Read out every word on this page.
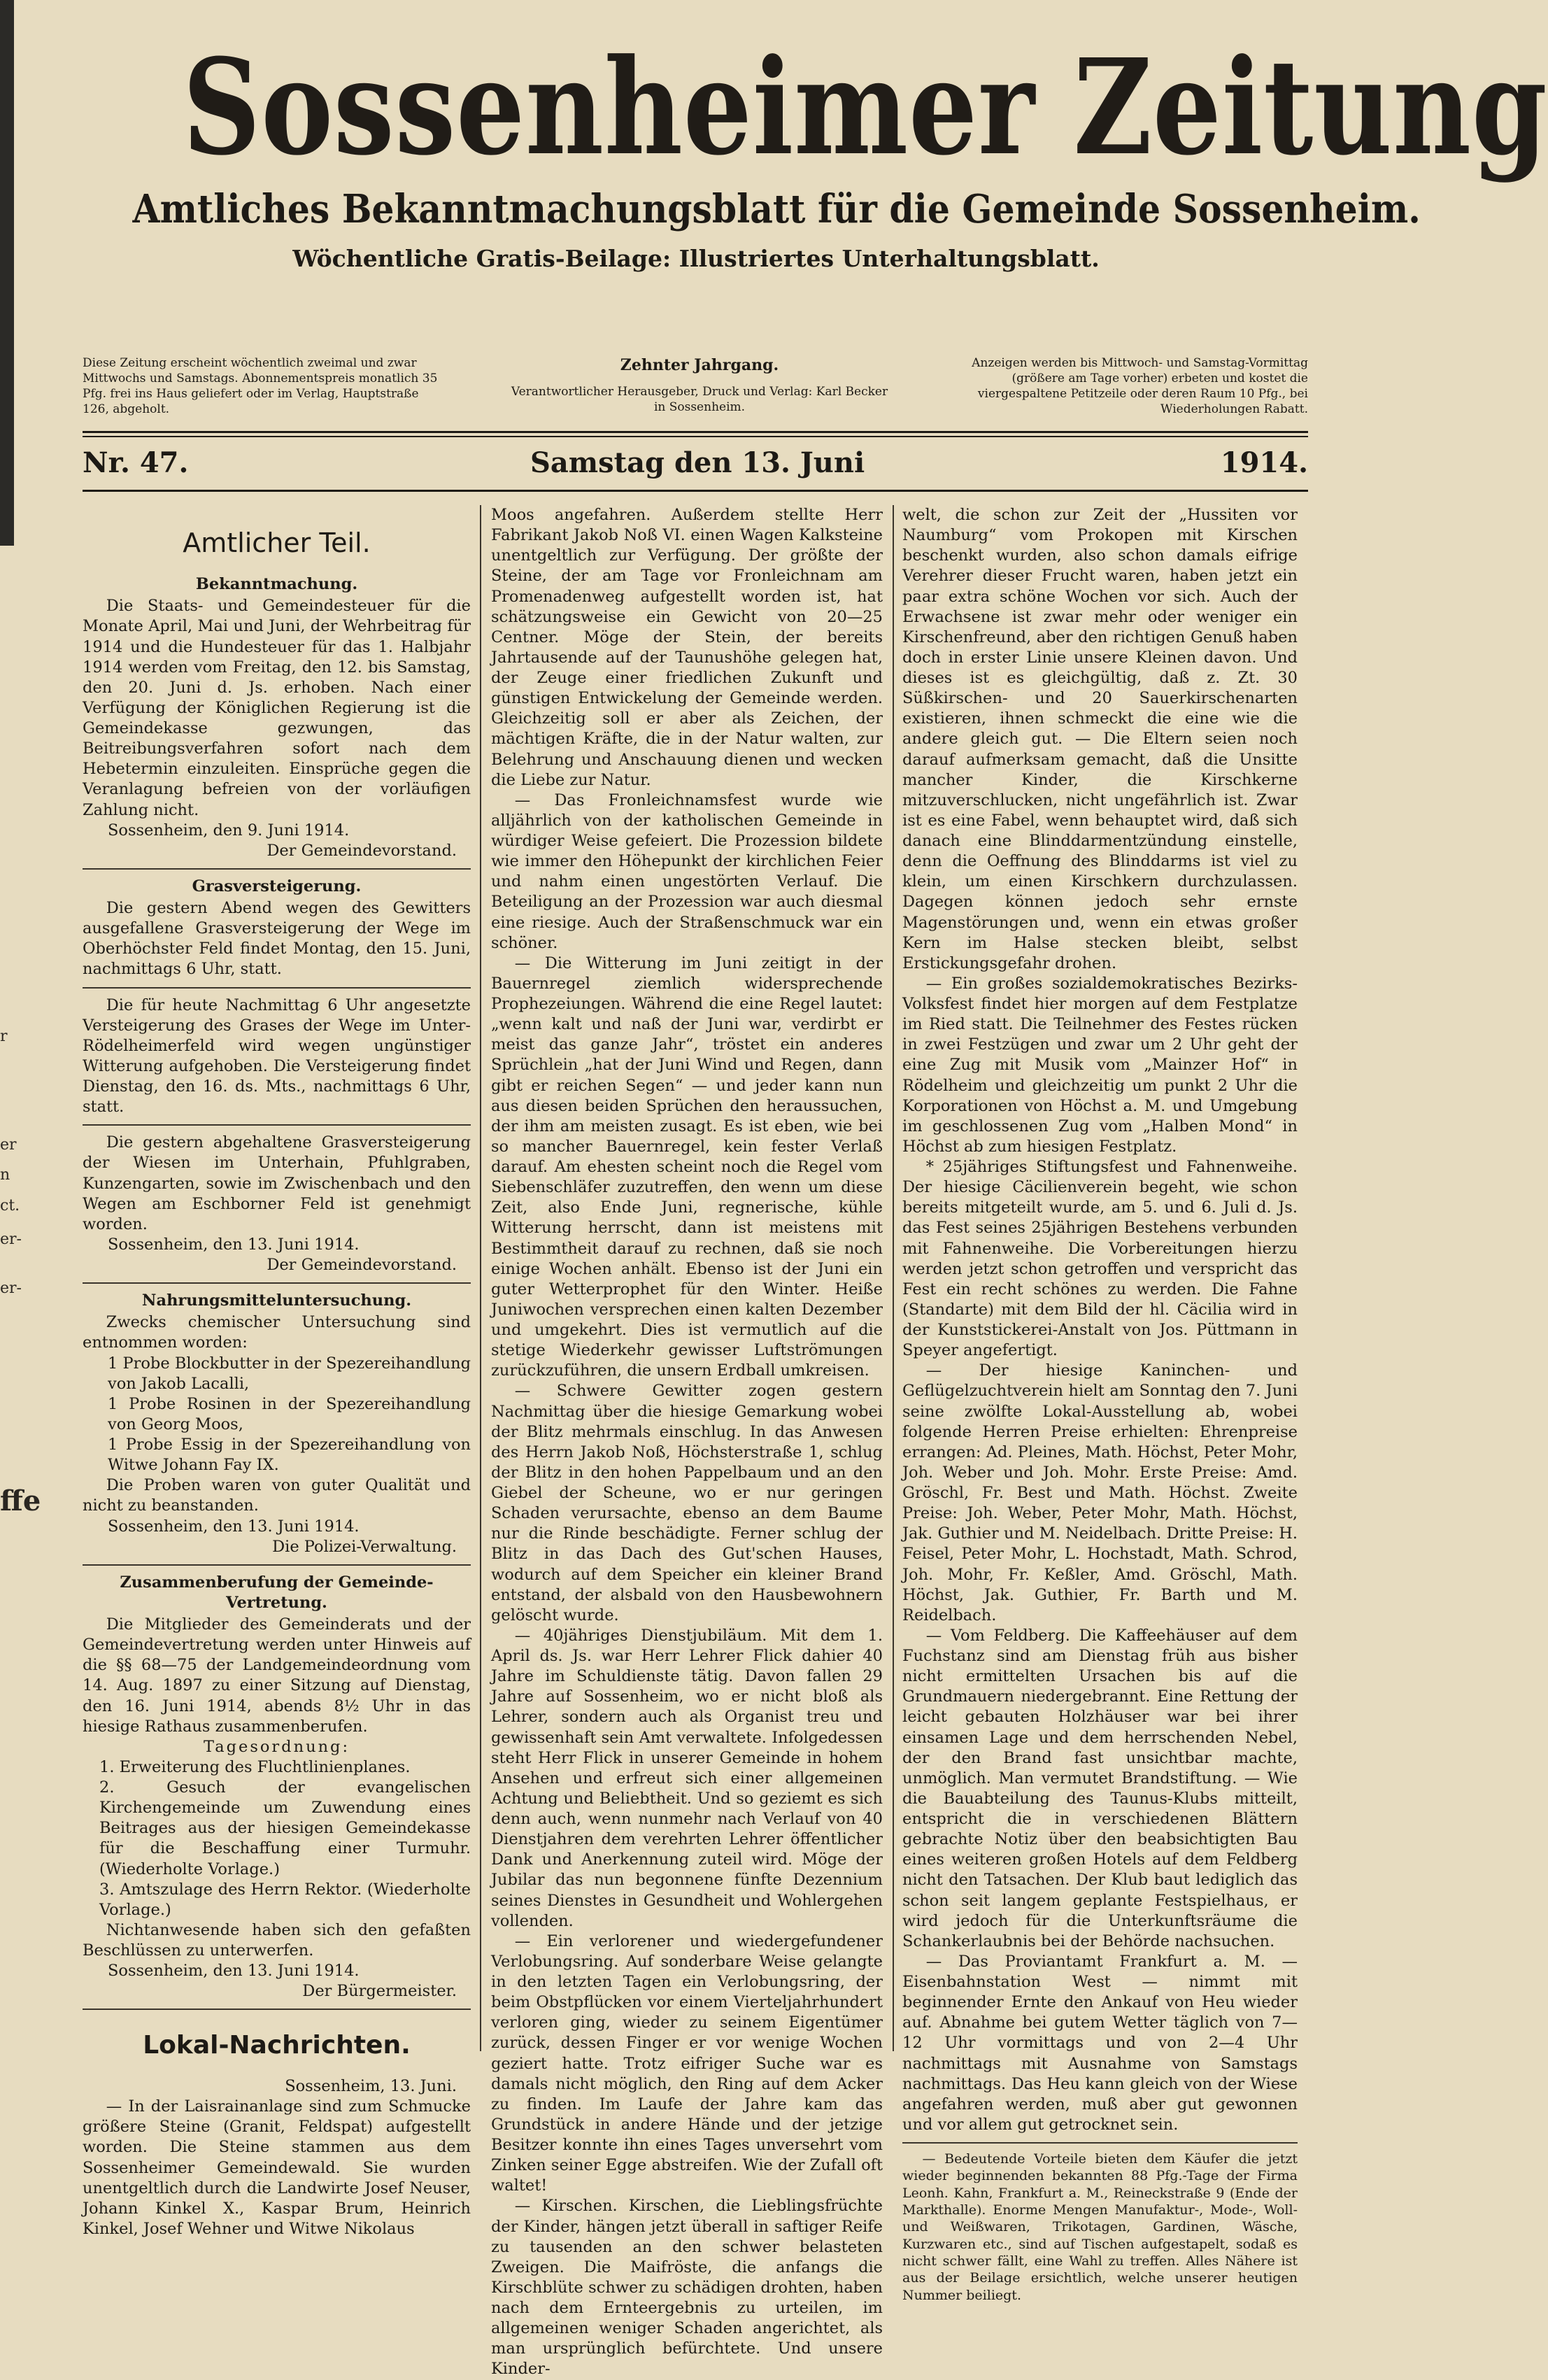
r
er
n
ct.
er-
er-
ffe
Sossenheimer Zeitung
Amtliches Bekanntmachungsblatt für die Gemeinde Sossenheim.
Wöchentliche Gratis-Beilage: Illustriertes Unterhaltungsblatt.
Diese Zeitung erscheint wöchentlich zweimal und zwar Mittwochs und Samstags. Abonnementspreis monatlich 35 Pfg. frei ins Haus geliefert oder im Verlag, Hauptstraße 126, abgeholt.
Zehnter Jahrgang.
Verantwortlicher Herausgeber, Druck und Verlag: Karl Becker in Sossenheim.
Anzeigen werden bis Mittwoch- und Samstag-Vormittag (größere am Tage vorher) erbeten und kostet die viergespaltene Petitzeile oder deren Raum 10 Pfg., bei Wiederholungen Rabatt.
Nr. 47.	Samstag den 13. Juni	1914.
Amtlicher Teil.
Bekanntmachung.

Die Staats- und Gemeindesteuer für die Monate April, Mai und Juni, der Wehrbeitrag für 1914 und die Hundesteuer für das 1. Halbjahr 1914 werden vom Freitag, den 12. bis Samstag, den 20. Juni d. Js. erhoben. Nach einer Verfügung der Königlichen Regierung ist die Gemeindekasse gezwungen, das Beitreibungsverfahren sofort nach dem Hebetermin einzuleiten. Einsprüche gegen die Veranlagung befreien von der vorläufigen Zahlung nicht.

Sossenheim, den 9. Juni 1914.

Der Gemeindevorstand.

Grasversteigerung.

Die gestern Abend wegen des Gewitters ausgefallene Grasversteigerung der Wege im Oberhöchster Feld findet Montag, den 15. Juni, nachmittags 6 Uhr, statt.

Die für heute Nachmittag 6 Uhr angesetzte Versteigerung des Grases der Wege im Unter-Rödelheimerfeld wird wegen ungünstiger Witterung aufgehoben. Die Versteigerung findet Dienstag, den 16. ds. Mts., nachmittags 6 Uhr, statt.

Die gestern abgehaltene Grasversteigerung der Wiesen im Unterhain, Pfuhlgraben, Kunzengarten, sowie im Zwischenbach und den Wegen am Eschborner Feld ist genehmigt worden.

Sossenheim, den 13. Juni 1914.

Der Gemeindevorstand.

Nahrungsmitteluntersuchung.

Zwecks chemischer Untersuchung sind entnommen worden:

1 Probe Blockbutter in der Spezereihandlung von Jakob Lacalli,

1 Probe Rosinen in der Spezereihandlung von Georg Moos,

1 Probe Essig in der Spezereihandlung von Witwe Johann Fay IX.

Die Proben waren von guter Qualität und nicht zu beanstanden.

Sossenheim, den 13. Juni 1914.

Die Polizei-Verwaltung.

Zusammenberufung der Gemeinde-Vertretung.

Die Mitglieder des Gemeinderats und der Gemeindevertretung werden unter Hinweis auf die §§ 68—75 der Landgemeindeordnung vom 14. Aug. 1897 zu einer Sitzung auf Dienstag, den 16. Juni 1914, abends 8½ Uhr in das hiesige Rathaus zusammenberufen.

Tagesordnung:

1. Erweiterung des Fluchtlinienplanes.

2. Gesuch der evangelischen Kirchengemeinde um Zuwendung eines Beitrages aus der hiesigen Gemeindekasse für die Beschaffung einer Turmuhr. (Wiederholte Vorlage.)

3. Amtszulage des Herrn Rektor. (Wiederholte Vorlage.)

Nichtanwesende haben sich den gefaßten Beschlüssen zu unterwerfen.

Sossenheim, den 13. Juni 1914.

Der Bürgermeister.

Lokal-Nachrichten.

Sossenheim, 13. Juni.

— In der Laisrainanlage sind zum Schmucke größere Steine (Granit, Feldspat) aufgestellt worden. Die Steine stammen aus dem Sossenheimer Gemeindewald. Sie wurden unentgeltlich durch die Landwirte Josef Neuser, Johann Kinkel X., Kaspar Brum, Heinrich Kinkel, Josef Wehner und Witwe Nikolaus

Moos angefahren. Außerdem stellte Herr Fabrikant Jakob Noß VI. einen Wagen Kalksteine unentgeltlich zur Verfügung. Der größte der Steine, der am Tage vor Fronleichnam am Promenadenweg aufgestellt worden ist, hat schätzungsweise ein Gewicht von 20—25 Centner. Möge der Stein, der bereits Jahrtausende auf der Taunushöhe gelegen hat, der Zeuge einer friedlichen Zukunft und günstigen Entwickelung der Gemeinde werden. Gleichzeitig soll er aber als Zeichen, der mächtigen Kräfte, die in der Natur walten, zur Belehrung und Anschauung dienen und wecken die Liebe zur Natur.

— Das Fronleichnamsfest wurde wie alljährlich von der katholischen Gemeinde in würdiger Weise gefeiert. Die Prozession bildete wie immer den Höhepunkt der kirchlichen Feier und nahm einen ungestörten Verlauf. Die Beteiligung an der Prozession war auch diesmal eine riesige. Auch der Straßenschmuck war ein schöner.

— Die Witterung im Juni zeitigt in der Bauernregel ziemlich widersprechende Prophezeiungen. Während die eine Regel lautet: „wenn kalt und naß der Juni war, verdirbt er meist das ganze Jahr“, tröstet ein anderes Sprüchlein „hat der Juni Wind und Regen, dann gibt er reichen Segen“ — und jeder kann nun aus diesen beiden Sprüchen den heraussuchen, der ihm am meisten zusagt. Es ist eben, wie bei so mancher Bauernregel, kein fester Verlaß darauf. Am ehesten scheint noch die Regel vom Siebenschläfer zuzutreffen, den wenn um diese Zeit, also Ende Juni, regnerische, kühle Witterung herrscht, dann ist meistens mit Bestimmtheit darauf zu rechnen, daß sie noch einige Wochen anhält. Ebenso ist der Juni ein guter Wetterprophet für den Winter. Heiße Juniwochen versprechen einen kalten Dezember und umgekehrt. Dies ist vermutlich auf die stetige Wiederkehr gewisser Luftströmungen zurückzuführen, die unsern Erdball umkreisen.

— Schwere Gewitter zogen gestern Nachmittag über die hiesige Gemarkung wobei der Blitz mehrmals einschlug. In das Anwesen des Herrn Jakob Noß, Höchsterstraße 1, schlug der Blitz in den hohen Pappelbaum und an den Giebel der Scheune, wo er nur geringen Schaden verursachte, ebenso an dem Baume nur die Rinde beschädigte. Ferner schlug der Blitz in das Dach des Gut'schen Hauses, wodurch auf dem Speicher ein kleiner Brand entstand, der alsbald von den Hausbewohnern gelöscht wurde.

— 40jähriges Dienstjubiläum. Mit dem 1. April ds. Js. war Herr Lehrer Flick dahier 40 Jahre im Schuldienste tätig. Davon fallen 29 Jahre auf Sossenheim, wo er nicht bloß als Lehrer, sondern auch als Organist treu und gewissenhaft sein Amt verwaltete. Infolgedessen steht Herr Flick in unserer Gemeinde in hohem Ansehen und erfreut sich einer allgemeinen Achtung und Beliebtheit. Und so geziemt es sich denn auch, wenn nunmehr nach Verlauf von 40 Dienstjahren dem verehrten Lehrer öffentlicher Dank und Anerkennung zuteil wird. Möge der Jubilar das nun begonnene fünfte Dezennium seines Dienstes in Gesundheit und Wohlergehen vollenden.

— Ein verlorener und wiedergefundener Verlobungsring. Auf sonderbare Weise gelangte in den letzten Tagen ein Verlobungsring, der beim Obstpflücken vor einem Vierteljahrhundert verloren ging, wieder zu seinem Eigentümer zurück, dessen Finger er vor wenige Wochen geziert hatte. Trotz eifriger Suche war es damals nicht möglich, den Ring auf dem Acker zu finden. Im Laufe der Jahre kam das Grundstück in andere Hände und der jetzige Besitzer konnte ihn eines Tages unversehrt vom Zinken seiner Egge abstreifen. Wie der Zufall oft waltet!

— Kirschen. Kirschen, die Lieblingsfrüchte der Kinder, hängen jetzt überall in saftiger Reife zu tausenden an den schwer belasteten Zweigen. Die Maifröste, die anfangs die Kirschblüte schwer zu schädigen drohten, haben nach dem Ernteergebnis zu urteilen, im allgemeinen weniger Schaden angerichtet, als man ursprünglich befürchtete. Und unsere Kinder-

welt, die schon zur Zeit der „Hussiten vor Naumburg“ vom Prokopen mit Kirschen beschenkt wurden, also schon damals eifrige Verehrer dieser Frucht waren, haben jetzt ein paar extra schöne Wochen vor sich. Auch der Erwachsene ist zwar mehr oder weniger ein Kirschenfreund, aber den richtigen Genuß haben doch in erster Linie unsere Kleinen davon. Und dieses ist es gleichgültig, daß z. Zt. 30 Süßkirschen- und 20 Sauerkirschenarten existieren, ihnen schmeckt die eine wie die andere gleich gut. — Die Eltern seien noch darauf aufmerksam gemacht, daß die Unsitte mancher Kinder, die Kirschkerne mitzuverschlucken, nicht ungefährlich ist. Zwar ist es eine Fabel, wenn behauptet wird, daß sich danach eine Blinddarmentzündung einstelle, denn die Oeffnung des Blinddarms ist viel zu klein, um einen Kirschkern durchzulassen. Dagegen können jedoch sehr ernste Magenstörungen und, wenn ein etwas großer Kern im Halse stecken bleibt, selbst Erstickungsgefahr drohen.

— Ein großes sozialdemokratisches Bezirks-Volksfest findet hier morgen auf dem Festplatze im Ried statt. Die Teilnehmer des Festes rücken in zwei Festzügen und zwar um 2 Uhr geht der eine Zug mit Musik vom „Mainzer Hof“ in Rödelheim und gleichzeitig um punkt 2 Uhr die Korporationen von Höchst a. M. und Umgebung im geschlossenen Zug vom „Halben Mond“ in Höchst ab zum hiesigen Festplatz.

* 25jähriges Stiftungsfest und Fahnenweihe. Der hiesige Cäcilienverein begeht, wie schon bereits mitgeteilt wurde, am 5. und 6. Juli d. Js. das Fest seines 25jährigen Bestehens verbunden mit Fahnenweihe. Die Vorbereitungen hierzu werden jetzt schon getroffen und verspricht das Fest ein recht schönes zu werden. Die Fahne (Standarte) mit dem Bild der hl. Cäcilia wird in der Kunststickerei-Anstalt von Jos. Püttmann in Speyer angefertigt.

— Der hiesige Kaninchen- und Geflügelzuchtverein hielt am Sonntag den 7. Juni seine zwölfte Lokal-Ausstellung ab, wobei folgende Herren Preise erhielten: Ehrenpreise errangen: Ad. Pleines, Math. Höchst, Peter Mohr, Joh. Weber und Joh. Mohr. Erste Preise: Amd. Gröschl, Fr. Best und Math. Höchst. Zweite Preise: Joh. Weber, Peter Mohr, Math. Höchst, Jak. Guthier und M. Neidelbach. Dritte Preise: H. Feisel, Peter Mohr, L. Hochstadt, Math. Schrod, Joh. Mohr, Fr. Keßler, Amd. Gröschl, Math. Höchst, Jak. Guthier, Fr. Barth und M. Reidelbach.

— Vom Feldberg. Die Kaffeehäuser auf dem Fuchstanz sind am Dienstag früh aus bisher nicht ermittelten Ursachen bis auf die Grundmauern niedergebrannt. Eine Rettung der leicht gebauten Holzhäuser war bei ihrer einsamen Lage und dem herrschenden Nebel, der den Brand fast unsichtbar machte, unmöglich. Man vermutet Brandstiftung. — Wie die Bauabteilung des Taunus-Klubs mitteilt, entspricht die in verschiedenen Blättern gebrachte Notiz über den beabsichtigten Bau eines weiteren großen Hotels auf dem Feldberg nicht den Tatsachen. Der Klub baut lediglich das schon seit langem geplante Festspielhaus, er wird jedoch für die Unterkunftsräume die Schankerlaubnis bei der Behörde nachsuchen.

— Das Proviantamt Frankfurt a. M. — Eisenbahnstation West — nimmt mit beginnender Ernte den Ankauf von Heu wieder auf. Abnahme bei gutem Wetter täglich von 7—12 Uhr vormittags und von 2—4 Uhr nachmittags mit Ausnahme von Samstags nachmittags. Das Heu kann gleich von der Wiese angefahren werden, muß aber gut gewonnen und vor allem gut getrocknet sein.

— Bedeutende Vorteile bieten dem Käufer die jetzt wieder beginnenden bekannten 88 Pfg.-Tage der Firma Leonh. Kahn, Frankfurt a. M., Reineckstraße 9 (Ende der Markthalle). Enorme Mengen Manufaktur-, Mode-, Woll- und Weißwaren, Trikotagen, Gardinen, Wäsche, Kurzwaren etc., sind auf Tischen aufgestapelt, sodaß es nicht schwer fällt, eine Wahl zu treffen. Alles Nähere ist aus der Beilage ersichtlich, welche unserer heutigen Nummer beiliegt.
